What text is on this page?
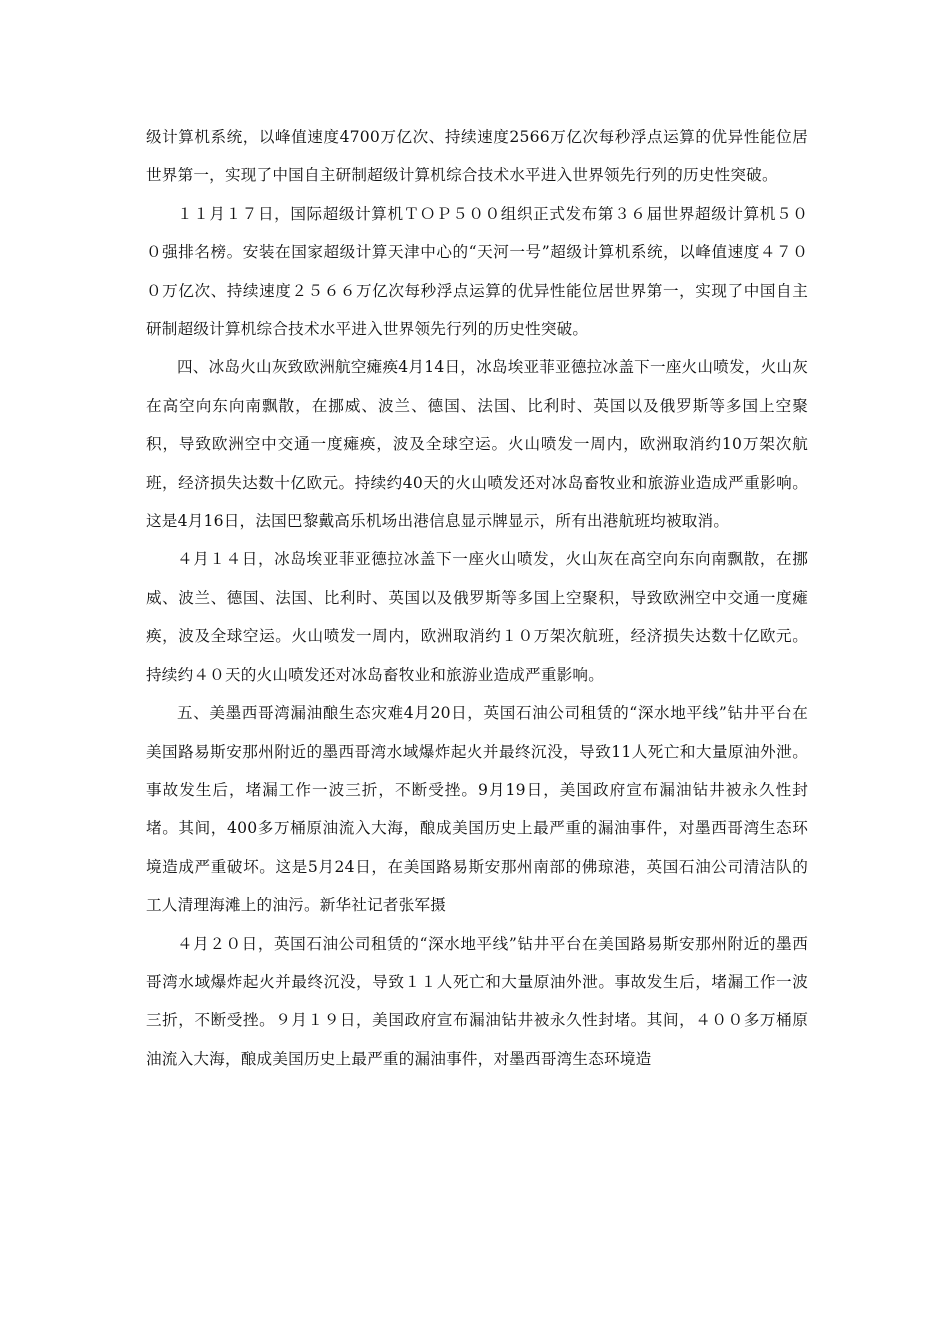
级计算机系统，以峰值速度4700万亿次、持续速度2566万亿次每秒浮点运算的优异性能位居世界第一，实现了中国自主研制超级计算机综合技术水平进入世界领先行列的历史性突破。

１１月１７日，国际超级计算机ＴＯＰ５００组织正式发布第３６届世界超级计算机５００强排名榜。安装在国家超级计算天津中心的“天河一号”超级计算机系统，以峰值速度４７００万亿次、持续速度２５６６万亿次每秒浮点运算的优异性能位居世界第一，实现了中国自主研制超级计算机综合技术水平进入世界领先行列的历史性突破。

四、冰岛火山灰致欧洲航空瘫痪4月14日，冰岛埃亚菲亚德拉冰盖下一座火山喷发，火山灰在高空向东向南飘散，在挪威、波兰、德国、法国、比利时、英国以及俄罗斯等多国上空聚积，导致欧洲空中交通一度瘫痪，波及全球空运。火山喷发一周内，欧洲取消约10万架次航班，经济损失达数十亿欧元。持续约40天的火山喷发还对冰岛畜牧业和旅游业造成严重影响。这是4月16日，法国巴黎戴高乐机场出港信息显示牌显示，所有出港航班均被取消。

４月１４日，冰岛埃亚菲亚德拉冰盖下一座火山喷发，火山灰在高空向东向南飘散，在挪威、波兰、德国、法国、比利时、英国以及俄罗斯等多国上空聚积，导致欧洲空中交通一度瘫痪，波及全球空运。火山喷发一周内，欧洲取消约１０万架次航班，经济损失达数十亿欧元。持续约４０天的火山喷发还对冰岛畜牧业和旅游业造成严重影响。

五、美墨西哥湾漏油酿生态灾难4月20日，英国石油公司租赁的“深水地平线”钻井平台在美国路易斯安那州附近的墨西哥湾水域爆炸起火并最终沉没，导致11人死亡和大量原油外泄。事故发生后，堵漏工作一波三折，不断受挫。9月19日，美国政府宣布漏油钻井被永久性封堵。其间，400多万桶原油流入大海，酿成美国历史上最严重的漏油事件，对墨西哥湾生态环境造成严重破坏。这是5月24日，在美国路易斯安那州南部的佛琼港，英国石油公司清洁队的工人清理海滩上的油污。新华社记者张军摄

４月２０日，英国石油公司租赁的“深水地平线”钻井平台在美国路易斯安那州附近的墨西哥湾水域爆炸起火并最终沉没，导致１１人死亡和大量原油外泄。事故发生后，堵漏工作一波三折，不断受挫。９月１９日，美国政府宣布漏油钻井被永久性封堵。其间，４００多万桶原油流入大海，酿成美国历史上最严重的漏油事件，对墨西哥湾生态环境造
